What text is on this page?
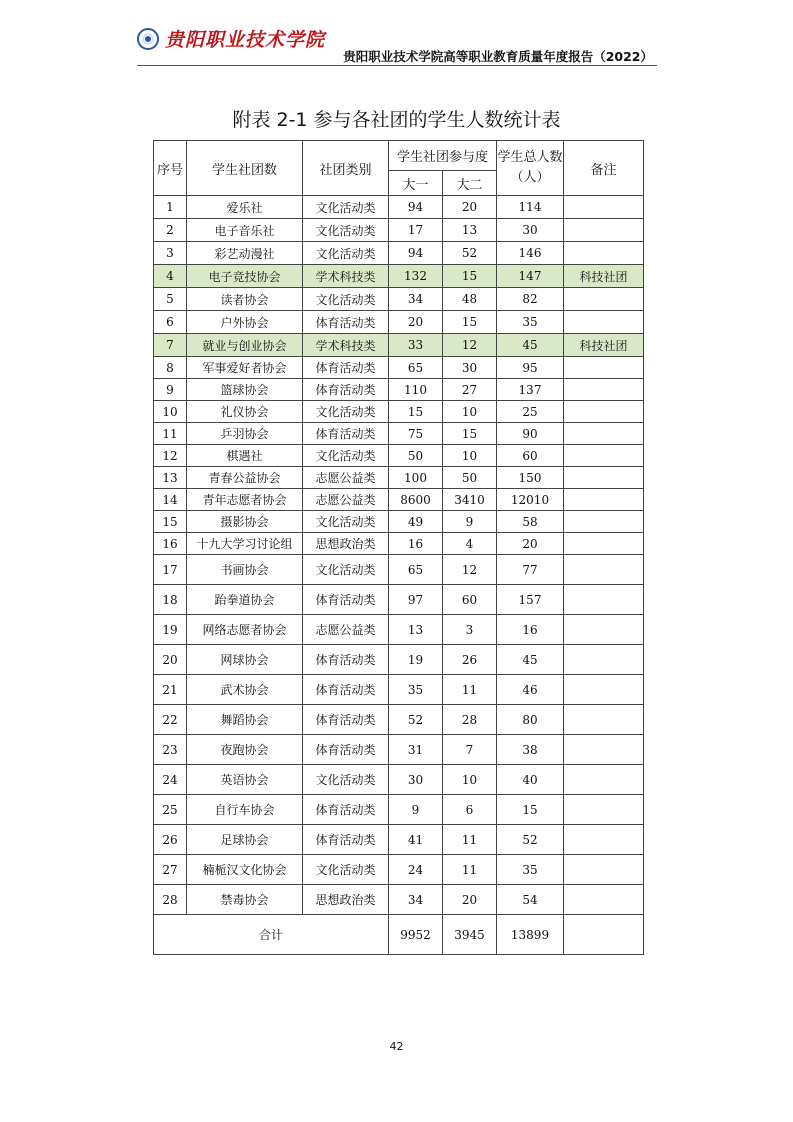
贵阳职业技术学院
贵阳职业技术学院高等职业教育质量年度报告（2022）
附表 2-1 参与各社团的学生人数统计表
序号	学生社团数	社团类别	学生社团参与度		学生总人数（人）	备注
			大一	大二		
1	爱乐社	文化活动类	94	20	114	
2	电子音乐社	文化活动类	17	13	30	
3	彩艺动漫社	文化活动类	94	52	146	
4	电子竞技协会	学术科技类	132	15	147	科技社团
5	读者协会	文化活动类	34	48	82	
6	户外协会	体育活动类	20	15	35	
7	就业与创业协会	学术科技类	33	12	45	科技社团
8	军事爱好者协会	体育活动类	65	30	95	
9	篮球协会	体育活动类	110	27	137	
10	礼仪协会	文化活动类	15	10	25	
11	乒羽协会	体育活动类	75	15	90	
12	棋遇社	文化活动类	50	10	60	
13	青春公益协会	志愿公益类	100	50	150	
14	青年志愿者协会	志愿公益类	8600	3410	12010	
15	摄影协会	文化活动类	49	9	58	
16	十九大学习讨论组	思想政治类	16	4	20	
17	书画协会	文化活动类	65	12	77	
18	跆拳道协会	体育活动类	97	60	157	
19	网络志愿者协会	志愿公益类	13	3	16	
20	网球协会	体育活动类	19	26	45	
21	武术协会	体育活动类	35	11	46	
22	舞蹈协会	体育活动类	52	28	80	
23	夜跑协会	体育活动类	31	7	38	
24	英语协会	文化活动类	30	10	40	
25	自行车协会	体育活动类	9	6	15	
26	足球协会	体育活动类	41	11	52	
27	楠栀汉文化协会	文化活动类	24	11	35	
28	禁毒协会	思想政治类	34	20	54	
合计			9952	3945	13899	
42
